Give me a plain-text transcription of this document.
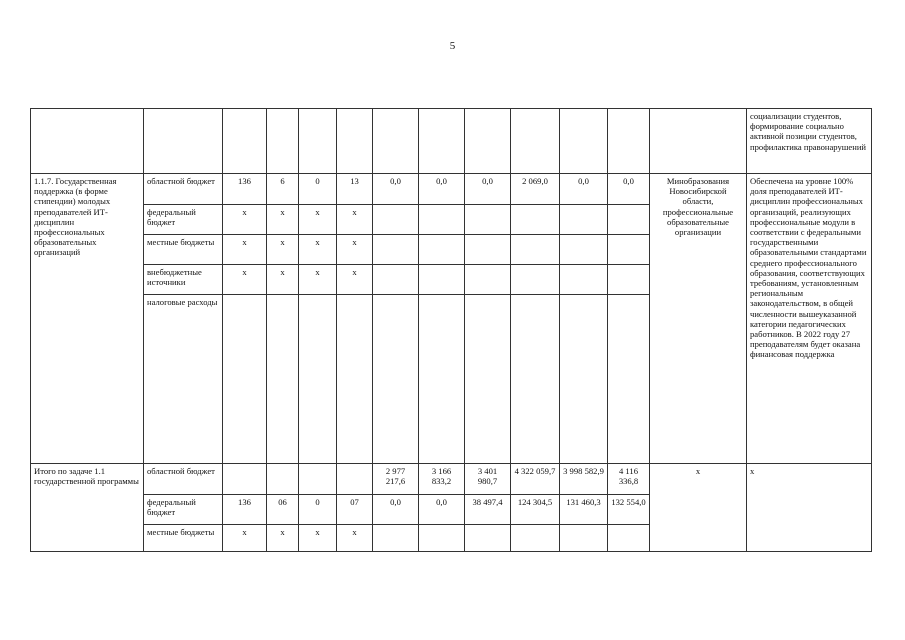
5
													социализации студентов, формирование социально активной позиции студентов, профилактика правонарушений
1.1.7. Государственная поддержка (в форме стипендии) молодых преподавателей ИТ-дисциплин профессиональных образовательных организаций	областной бюджет	136	6	0	13	0,0	0,0	0,0	2 069,0	0,0	0,0	Минобразования Новосибирской области, профессиональные образовательные организации	Обеспечена на уровне 100% доля преподавателей ИТ-дисциплин профессиональных организаций, реализующих профессиональные модули в соответствии с федеральными государственными образовательными стандартами среднего профессионального образования, соответствующих требованиям, установленным региональным законодательством, в общей численности вышеуказанной категории педагогических работников. В 2022 году 27 преподавателям будет оказана финансовая поддержка
	федеральный бюджет	х	х	х	х								
	местные бюджеты	х	х	х	х								
	внебюджетные источники	х	х	х	х								
	налоговые расходы												
Итого по задаче 1.1 государственной программы	областной бюджет					2 977 217,6	3 166 833,2	3 401 980,7	4 322 059,7	3 998 582,9	4 116 336,8	х	х
	федеральный бюджет	136	06	0	07	0,0	0,0	38 497,4	124 304,5	131 460,3	132 554,0		
	местные бюджеты	х	х	х	х								
